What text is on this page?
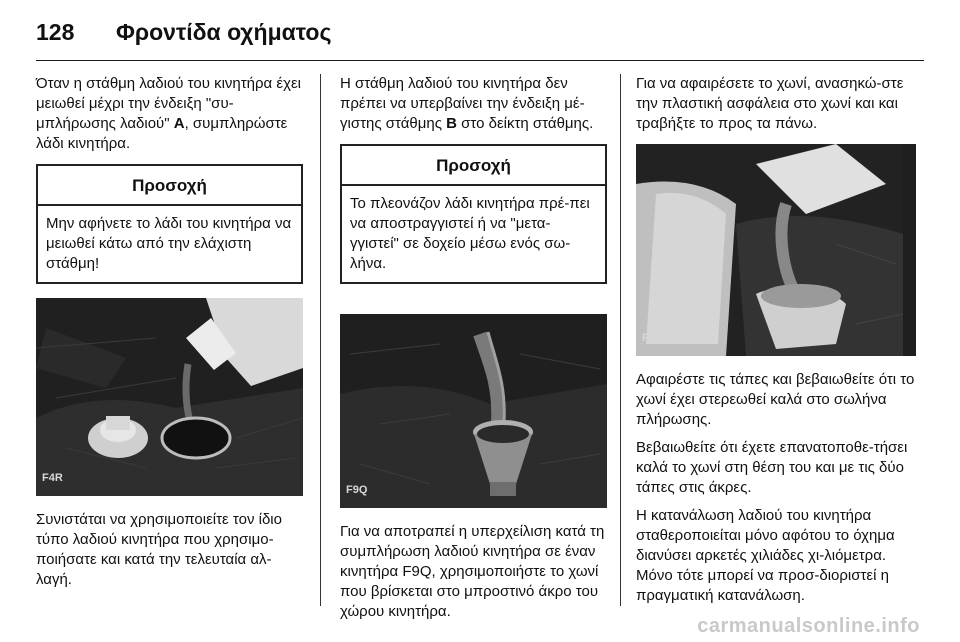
128	Φροντίδα οχήματος

Όταν η στάθμη λαδιού του κινητήρα έχει μειωθεί μέχρι την ένδειξη "συ-μπλήρωσης λαδιού" A, συμπληρώστε λάδι κινητήρα.

Προσοχή
Μην αφήνετε το λάδι του κινητήρα να μειωθεί κάτω από την ελάχιστη στάθμη!
F4R

Συνιστάται να χρησιμοποιείτε τον ίδιο τύπο λαδιού κινητήρα που χρησιμο-ποιήσατε και κατά την τελευταία αλ-λαγή.

Η στάθμη λαδιού του κινητήρα δεν πρέπει να υπερβαίνει την ένδειξη μέ-γιστης στάθμης B στο δείκτη στάθμης.

Προσοχή
Το πλεονάζον λάδι κινητήρα πρέ-πει να αποστραγγιστεί ή να "μετα-γγιστεί" σε δοχείο μέσω ενός σω-λήνα.
F9Q

Για να αποτραπεί η υπερχείλιση κατά τη συμπλήρωση λαδιού κινητήρα σε έναν κινητήρα F9Q, χρησιμοποιήστε το χωνί που βρίσκεται στο μπροστινό άκρο του χώρου κινητήρα.

Για να αφαιρέσετε το χωνί, ανασηκώ-στε την πλαστική ασφάλεια στο χωνί και και τραβήξτε το προς τα πάνω.

F9Q

Αφαιρέστε τις τάπες και βεβαιωθείτε ότι το χωνί έχει στερεωθεί καλά στο σωλήνα πλήρωσης.

Βεβαιωθείτε ότι έχετε επανατοποθε-τήσει καλά το χωνί στη θέση του και με τις δύο τάπες στις άκρες.

Η κατανάλωση λαδιού του κινητήρα σταθεροποιείται μόνο αφότου το όχημα διανύσει αρκετές χιλιάδες χι-λιόμετρα. Μόνο τότε μπορεί να προσ-διοριστεί η πραγματική κατανάλωση.

carmanualsonline.info
